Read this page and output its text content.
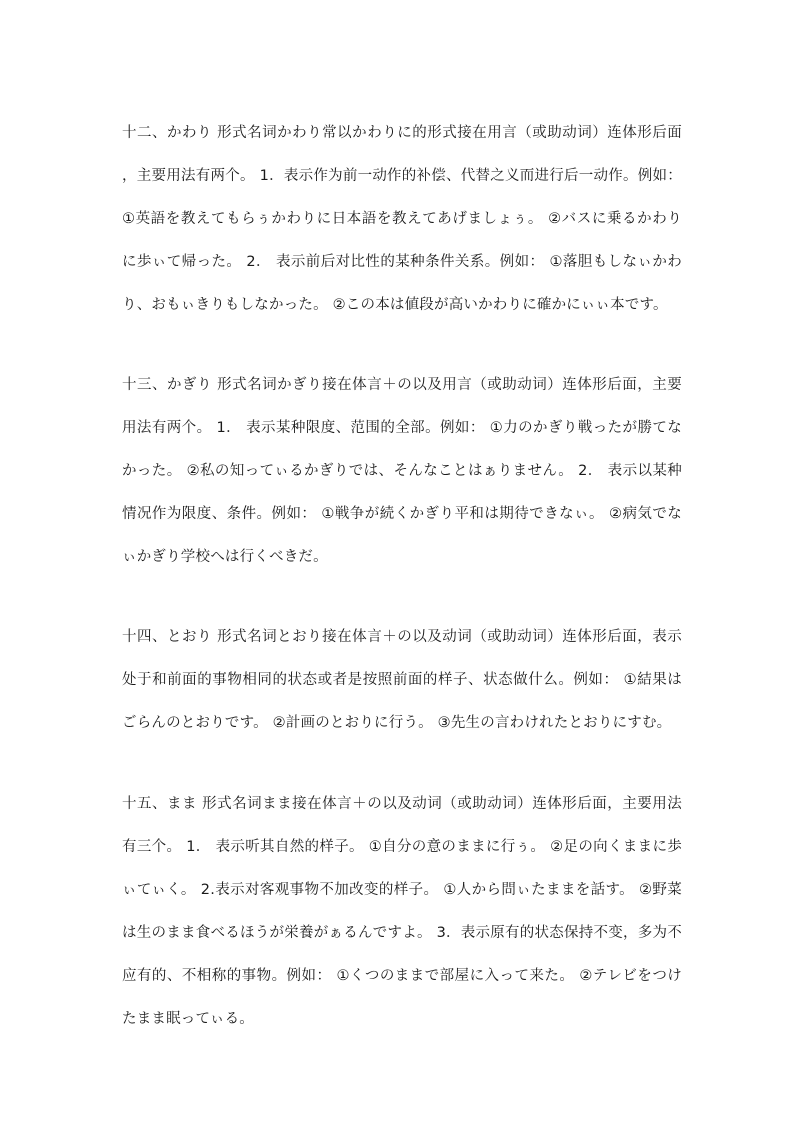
十二、かわり 形式名词かわり常以かわりに的形式接在用言（或助动词）连体形后面，主要用法有两个。 1．表示作为前一动作的补偿、代替之义而进行后一动作。例如： ①英語を教えてもらぅかわりに日本語を教えてあげましょぅ。 ②バスに乗るかわりに歩ぃて帰った。 2． 表示前后对比性的某种条件关系。例如： ①落胆もしなぃかわり、おもぃきりもしなかった。 ②この本は値段が高いかわりに確かにぃぃ本です。

十三、かぎり 形式名词かぎり接在体言＋の以及用言（或助动词）连体形后面，主要用法有两个。 1． 表示某种限度、范围的全部。例如： ①力のかぎり戦ったが勝てなかった。 ②私の知ってぃるかぎりでは、そんなことはぁりません。 2． 表示以某种情况作为限度、条件。例如： ①戦争が続くかぎり平和は期待できなぃ。 ②病気でなぃかぎり学校へは行くべきだ。

十四、とおり 形式名词とおり接在体言＋の以及动词（或助动词）连体形后面，表示处于和前面的事物相同的状态或者是按照前面的样子、状态做什么。例如： ①結果はごらんのとおりです。 ②計画のとおりに行う。 ③先生の言わけれたとおりにすむ。

十五、まま 形式名词まま接在体言＋の以及动词（或助动词）连体形后面，主要用法有三个。 1． 表示听其自然的样子。 ①自分の意のままに行ぅ。 ②足の向くままに歩ぃてぃく。 2.表示对客观事物不加改变的样子。 ①人から問ぃたままを話す。 ②野菜は生のまま食べるほうが栄養がぁるんですよ。 3．表示原有的状态保持不变，多为不应有的、不相称的事物。例如： ①くつのままで部屋に入って来た。 ②テレビをつけたまま眠ってぃる。
